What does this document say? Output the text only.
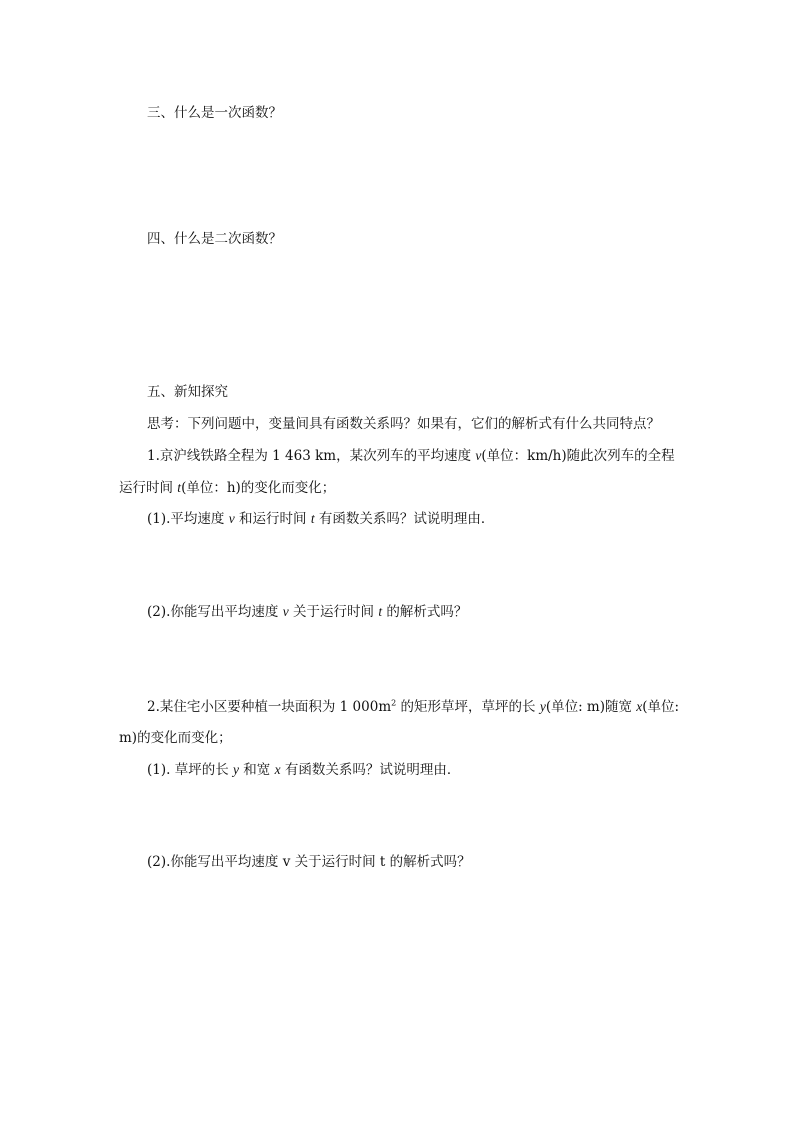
三、什么是一次函数？
四、什么是二次函数？
五、新知探究
思考：下列问题中，变量间具有函数关系吗？如果有，它们的解析式有什么共同特点？
1.京沪线铁路全程为 1 463 km，某次列车的平均速度 v(单位：km/h)随此次列车的全程
运行时间 t(单位：h)的变化而变化；
(1).平均速度 v 和运行时间 t 有函数关系吗？试说明理由．
(2).你能写出平均速度 v 关于运行时间 t 的解析式吗？
2.某住宅小区要种植一块面积为 1 $000m^2$ 的矩形草坪，草坪的长 y(单位: m)随宽 x(单位:
m)的变化而变化；
(1). 草坪的长 y 和宽 x 有函数关系吗？试说明理由．
(2).你能写出平均速度 v 关于运行时间 t 的解析式吗？
